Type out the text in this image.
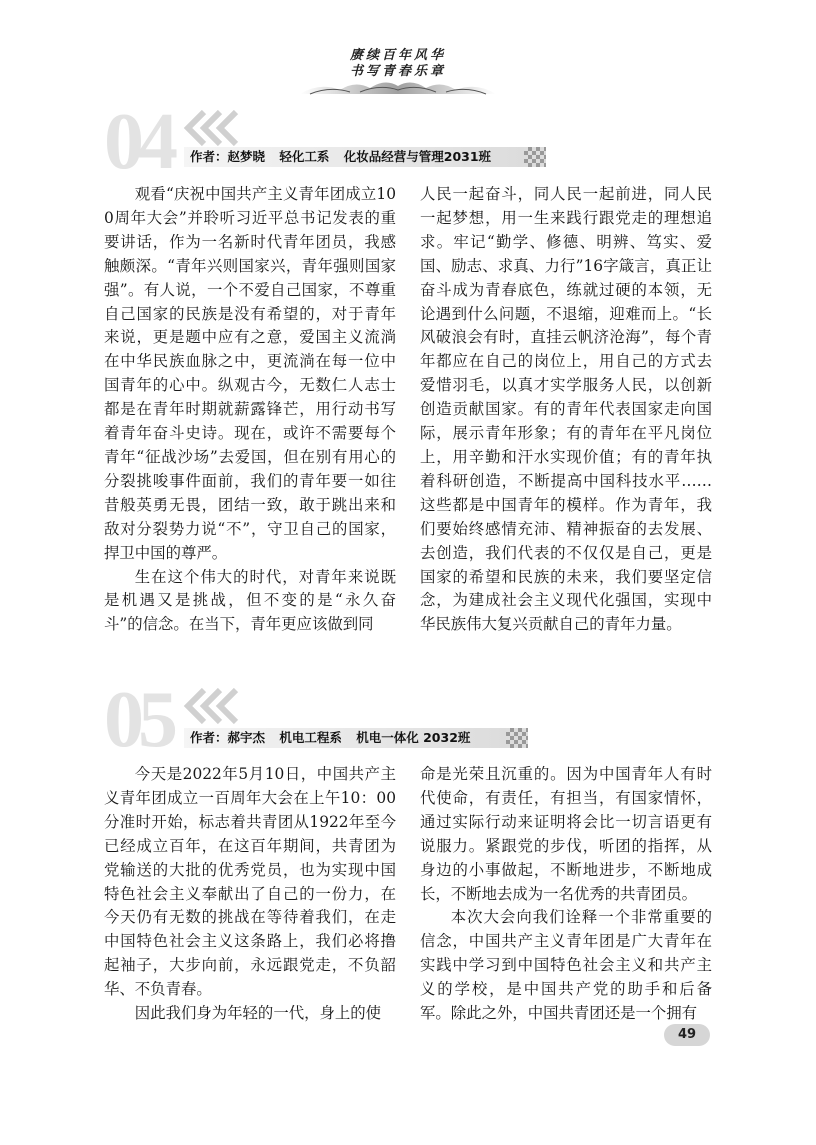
赓续百年风华
书写青春乐章
04	作者：赵梦晓 轻化工系 化妆品经营与管理2031班

观看“庆祝中国共产主义青年团成立100周年大会”并聆听习近平总书记发表的重要讲话，作为一名新时代青年团员，我感触颇深。“青年兴则国家兴，青年强则国家强”。有人说，一个不爱自己国家，不尊重自己国家的民族是没有希望的，对于青年来说，更是题中应有之意，爱国主义流淌在中华民族血脉之中，更流淌在每一位中国青年的心中。纵观古今，无数仁人志士都是在青年时期就薪露锋芒，用行动书写着青年奋斗史诗。现在，或许不需要每个青年“征战沙场”去爱国，但在别有用心的分裂挑唆事件面前，我们的青年要一如往昔般英勇无畏，团结一致，敢于跳出来和敌对分裂势力说“不”，守卫自己的国家，捍卫中国的尊严。

生在这个伟大的时代，对青年来说既是机遇又是挑战，但不变的是“永久奋斗”的信念。在当下，青年更应该做到同

人民一起奋斗，同人民一起前进，同人民一起梦想，用一生来践行跟党走的理想追求。牢记“勤学、修德、明辨、笃实、爱国、励志、求真、力行”16字箴言，真正让奋斗成为青春底色，练就过硬的本领，无论遇到什么问题，不退缩，迎难而上。“长风破浪会有时，直挂云帆济沧海”，每个青年都应在自己的岗位上，用自己的方式去爱惜羽毛，以真才实学服务人民，以创新创造贡献国家。有的青年代表国家走向国际，展示青年形象；有的青年在平凡岗位上，用辛勤和汗水实现价值；有的青年执着科研创造，不断提高中国科技水平……这些都是中国青年的模样。作为青年，我们要始终感情充沛、精神振奋的去发展、去创造，我们代表的不仅仅是自己，更是国家的希望和民族的未来，我们要坚定信念，为建成社会主义现代化强国，实现中华民族伟大复兴贡献自己的青年力量。

05	作者：郝宇杰 机电工程系 机电一体化 2032班

今天是2022年5月10日，中国共产主义青年团成立一百周年大会在上午10：00分准时开始，标志着共青团从1922年至今已经成立百年，在这百年期间，共青团为党输送的大批的优秀党员，也为实现中国特色社会主义奉献出了自己的一份力，在今天仍有无数的挑战在等待着我们，在走中国特色社会主义这条路上，我们必将撸起袖子，大步向前，永远跟党走，不负韶华、不负青春。

因此我们身为年轻的一代，身上的使

命是光荣且沉重的。因为中国青年人有时代使命，有责任，有担当，有国家情怀，通过实际行动来证明将会比一切言语更有说服力。紧跟党的步伐，听团的指挥，从身边的小事做起，不断地进步，不断地成长，不断地去成为一名优秀的共青团员。

本次大会向我们诠释一个非常重要的信念，中国共产主义青年团是广大青年在实践中学习到中国特色社会主义和共产主义的学校，是中国共产党的助手和后备军。除此之外，中国共青团还是一个拥有

49
